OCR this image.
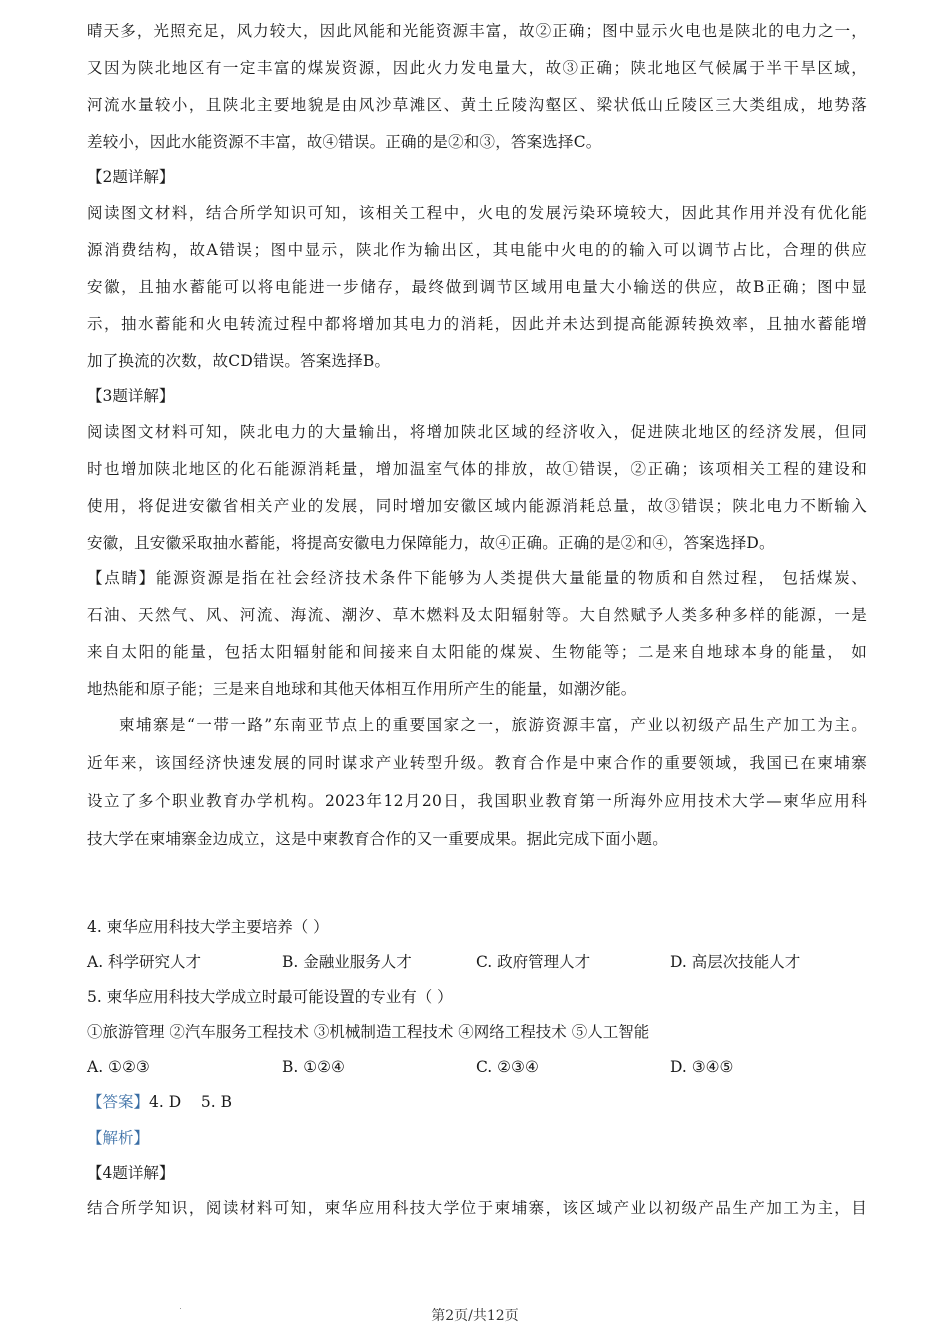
晴天多，光照充足，风力较大，因此风能和光能资源丰富，故②正确；图中显示火电也是陕北的电力之一，
又因为陕北地区有一定丰富的煤炭资源，因此火力发电量大，故③正确；陕北地区气候属于半干旱区域，
河流水量较小，且陕北主要地貌是由风沙草滩区、黄土丘陵沟壑区、梁状低山丘陵区三大类组成，地势落
差较小，因此水能资源不丰富，故④错误。正确的是②和③，答案选择C。
【2题详解】
阅读图文材料，结合所学知识可知，该相关工程中，火电的发展污染环境较大，因此其作用并没有优化能
源消费结构，故A错误；图中显示，陕北作为输出区，其电能中火电的的输入可以调节占比，合理的供应
安徽，且抽水蓄能可以将电能进一步储存，最终做到调节区域用电量大小输送的供应，故B正确；图中显
示，抽水蓄能和火电转流过程中都将增加其电力的消耗，因此并未达到提高能源转换效率，且抽水蓄能增
加了换流的次数，故CD错误。答案选择B。
【3题详解】
阅读图文材料可知，陕北电力的大量输出，将增加陕北区域的经济收入，促进陕北地区的经济发展，但同
时也增加陕北地区的化石能源消耗量，增加温室气体的排放，故①错误，②正确；该项相关工程的建设和
使用，将促进安徽省相关产业的发展，同时增加安徽区域内能源消耗总量，故③错误；陕北电力不断输入
安徽，且安徽采取抽水蓄能，将提高安徽电力保障能力，故④正确。正确的是②和④，答案选择D。
【点睛】能源资源是指在社会经济技术条件下能够为人类提供大量能量的物质和自然过程， 包括煤炭、
石油、天然气、风、河流、海流、潮汐、草木燃料及太阳辐射等。大自然赋予人类多种多样的能源，一是
来自太阳的能量，包括太阳辐射能和间接来自太阳能的煤炭、生物能等；二是来自地球本身的能量， 如
地热能和原子能；三是来自地球和其他天体相互作用所产生的能量，如潮汐能。
柬埔寨是“一带一路”东南亚节点上的重要国家之一，旅游资源丰富，产业以初级产品生产加工为主。
近年来，该国经济快速发展的同时谋求产业转型升级。教育合作是中柬合作的重要领域，我国已在柬埔寨
设立了多个职业教育办学机构。2023年12月20日，我国职业教育第一所海外应用技术大学—柬华应用科
技大学在柬埔寨金边成立，这是中柬教育合作的又一重要成果。据此完成下面小题。
4. 柬华应用科技大学主要培养（ ）
A. 科学研究人才	B. 金融业服务人才	C. 政府管理人才	D. 高层次技能人才
5. 柬华应用科技大学成立时最可能设置的专业有（ ）
①旅游管理 ②汽车服务工程技术 ③机械制造工程技术 ④网络工程技术 ⑤人工智能
A. ①②③	B. ①②④	C. ②③④	D. ③④⑤
【答案】4. D    5. B
【解析】
【4题详解】
结合所学知识，阅读材料可知，柬华应用科技大学位于柬埔寨，该区域产业以初级产品生产加工为主，目
第2页/共12页
